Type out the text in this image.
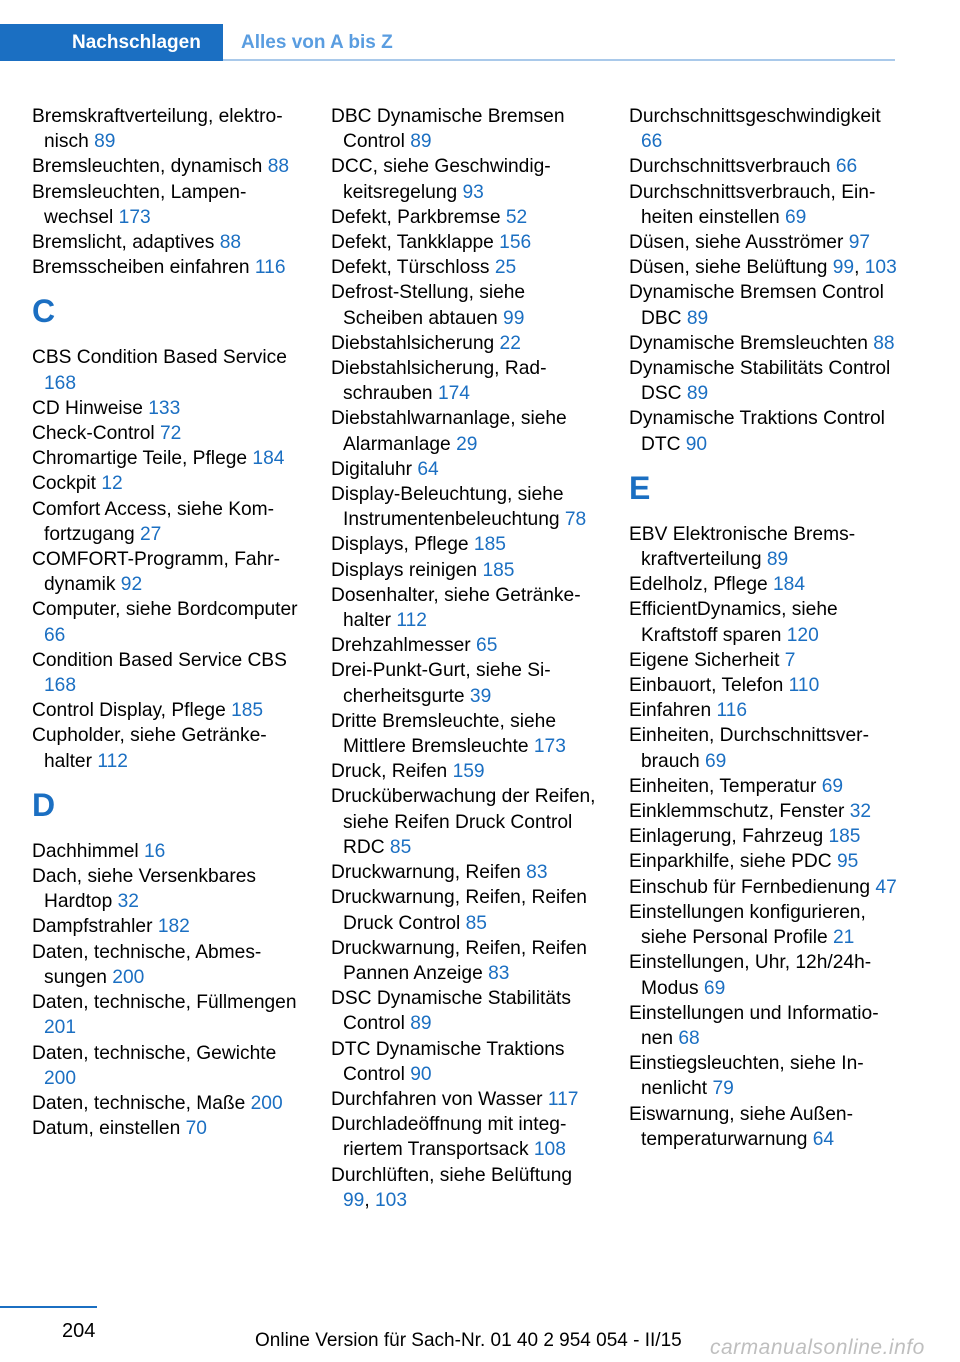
Nachschlagen Alles von A bis Z
Bremskraftverteilung, elektronisch 89
Bremsleuchten, dynamisch 88
Bremsleuchten, Lampenwechsel 173
Bremslicht, adaptives 88
Bremsscheiben einfahren 116
C
CBS Condition Based Service 168
CD Hinweise 133
Check-Control 72
Chromartige Teile, Pflege 184
Cockpit 12
Comfort Access, siehe Komfortzugang 27
COMFORT-Programm, Fahrdynamik 92
Computer, siehe Bordcomputer 66
Condition Based Service CBS 168
Control Display, Pflege 185
Cupholder, siehe Getränkehalter 112
D
Dachhimmel 16
Dach, siehe Versenkbares Hardtop 32
Dampfstrahler 182
Daten, technische, Abmessungen 200
Daten, technische, Füllmengen 201
Daten, technische, Gewichte 200
Daten, technische, Maße 200
Datum, einstellen 70
DBC Dynamische Bremsen Control 89
DCC, siehe Geschwindigkeitsregelung 93
Defekt, Parkbremse 52
Defekt, Tankklappe 156
Defekt, Türschloss 25
Defrost-Stellung, siehe Scheiben abtauen 99
Diebstahlsicherung 22
Diebstahlsicherung, Radschrauben 174
Diebstahlwarnanlage, siehe Alarmanlage 29
Digitaluhr 64
Display-Beleuchtung, siehe Instrumentenbeleuchtung 78
Displays, Pflege 185
Displays reinigen 185
Dosenhalter, siehe Getränkehalter 112
Drehzahlmesser 65
Drei-Punkt-Gurt, siehe Sicherheitsgurte 39
Dritte Bremsleuchte, siehe Mittlere Bremsleuchte 173
Druck, Reifen 159
Drucküberwachung der Reifen, siehe Reifen Druck Control RDC 85
Druckwarnung, Reifen 83
Druckwarnung, Reifen, Reifen Druck Control 85
Druckwarnung, Reifen, Reifen Pannen Anzeige 83
DSC Dynamische Stabilitäts Control 89
DTC Dynamische Traktions Control 90
Durchfahren von Wasser 117
Durchladeöffnung mit integriertem Transportsack 108
Durchlüften, siehe Belüftung 99, 103
Durchschnittsgeschwindigkeit 66
Durchschnittsverbrauch 66
Durchschnittsverbrauch, Einheiten einstellen 69
Düsen, siehe Ausströmer 97
Düsen, siehe Belüftung 99, 103
Dynamische Bremsen Control DBC 89
Dynamische Bremsleuchten 88
Dynamische Stabilitäts Control DSC 89
Dynamische Traktions Control DTC 90
E
EBV Elektronische Bremskraftverteilung 89
Edelholz, Pflege 184
EfficientDynamics, siehe Kraftstoff sparen 120
Eigene Sicherheit 7
Einbauort, Telefon 110
Einfahren 116
Einheiten, Durchschnittsverbrauch 69
Einheiten, Temperatur 69
Einklemmschutz, Fenster 32
Einlagerung, Fahrzeug 185
Einparkhilfe, siehe PDC 95
Einschub für Fernbedienung 47
Einstellungen konfigurieren, siehe Personal Profile 21
Einstellungen, Uhr, 12h/24h-Modus 69
Einstellungen und Informationen 68
Einstiegsleuchten, siehe Innenlicht 79
Eiswarnung, siehe Außentemperaturwarnung 64
204	Online Version für Sach-Nr. 01 40 2 954 054 - II/15 carmanualsonline.info
